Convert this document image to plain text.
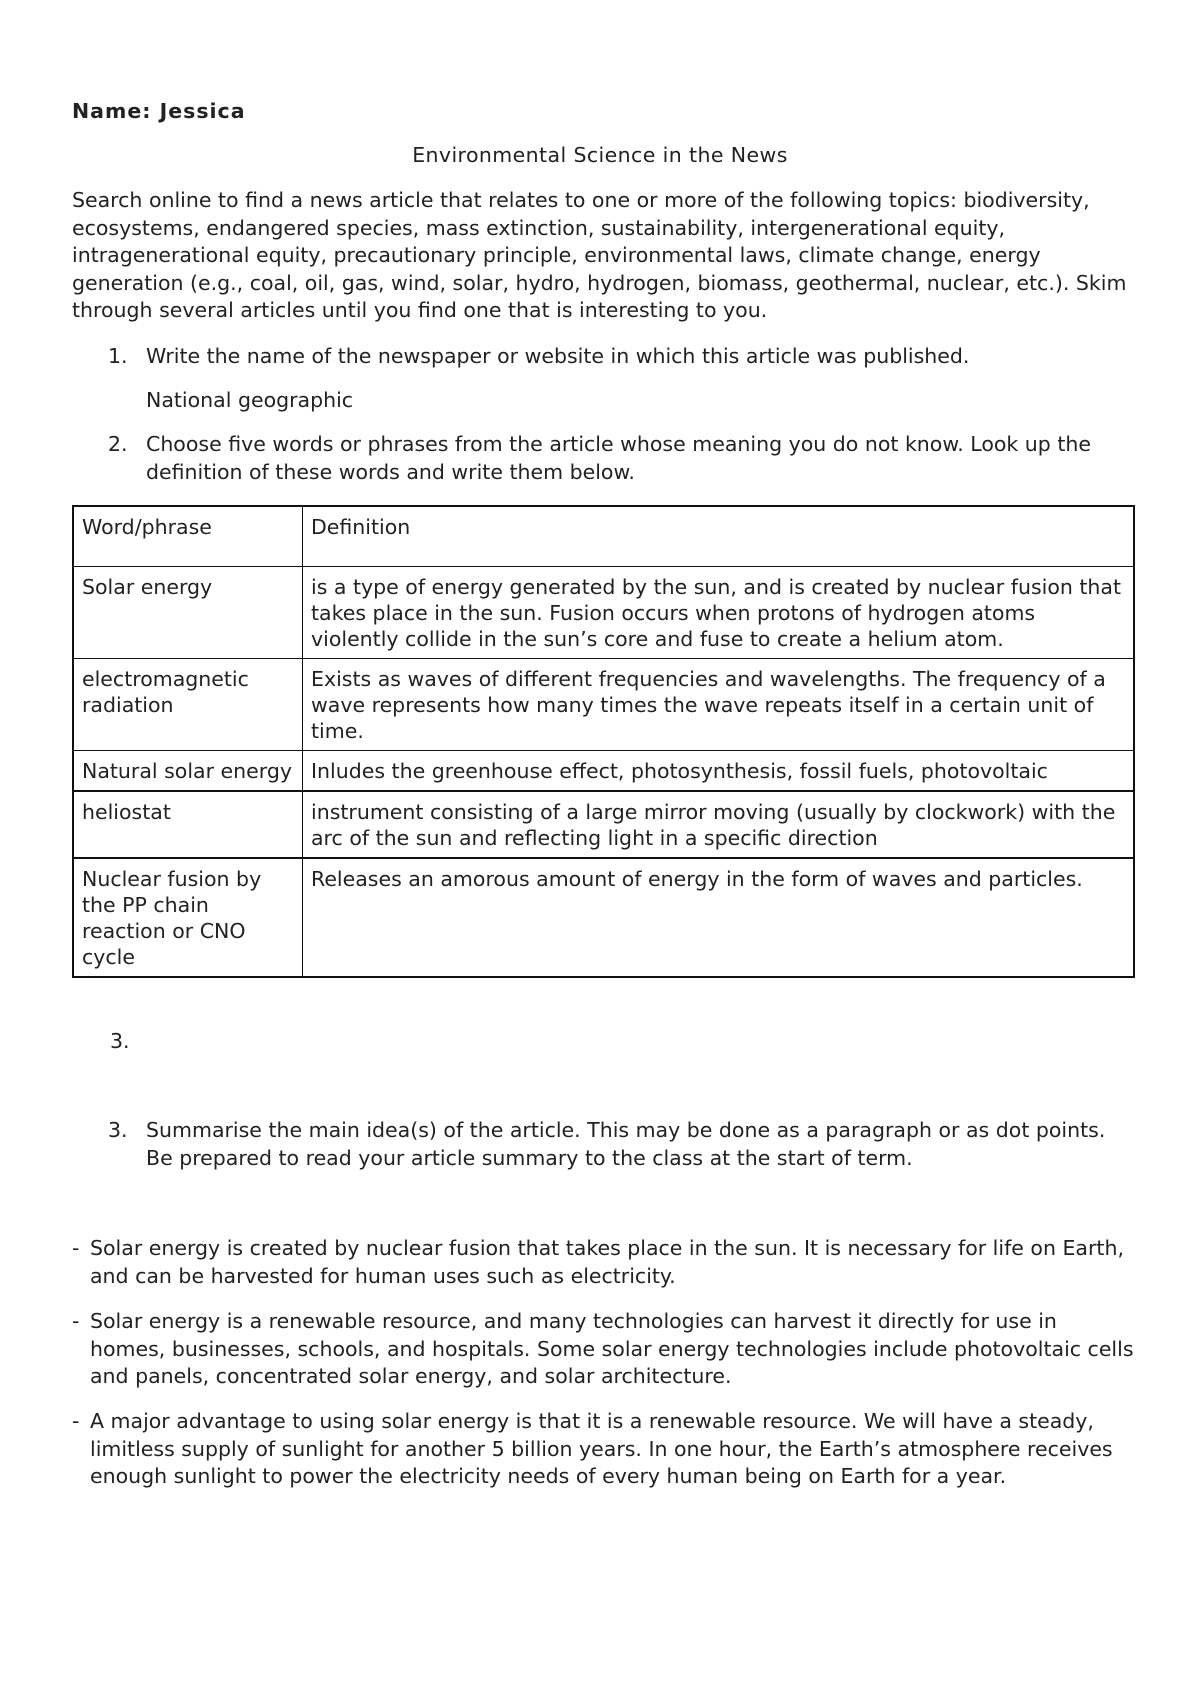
Name: Jessica
Environmental Science in the News

Search online to find a news article that relates to one or more of the following topics: biodiversity, ecosystems, endangered species, mass extinction, sustainability, intergenerational equity, intragenerational equity, precautionary principle, environmental laws, climate change, energy generation (e.g., coal, oil, gas, wind, solar, hydro, hydrogen, biomass, geothermal, nuclear, etc.). Skim through several articles until you find one that is interesting to you.

1. Write the name of the newspaper or website in which this article was published.

National geographic

2. Choose five words or phrases from the article whose meaning you do not know. Look up the definition of these words and write them below.
Word/phrase	Definition
Solar energy	is a type of energy generated by the sun, and is created by nuclear fusion that takes place in the sun. Fusion occurs when protons of hydrogen atoms violently collide in the sun’s core and fuse to create a helium atom.
electromagnetic radiation	Exists as waves of different frequencies and wavelengths. The frequency of a wave represents how many times the wave repeats itself in a certain unit of time.
Natural solar energy	Inludes the greenhouse effect, photosynthesis, fossil fuels, photovoltaic
heliostat	instrument consisting of a large mirror moving (usually by clockwork) with the arc of the sun and reflecting light in a specific direction
Nuclear fusion by the PP chain reaction or CNO cycle	Releases an amorous amount of energy in the form of waves and particles.
3.
3. Summarise the main idea(s) of the article. This may be done as a paragraph or as dot points. Be prepared to read your article summary to the class at the start of term.
- Solar energy is created by nuclear fusion that takes place in the sun. It is necessary for life on Earth, and can be harvested for human uses such as electricity.
- Solar energy is a renewable resource, and many technologies can harvest it directly for use in homes, businesses, schools, and hospitals. Some solar energy technologies include photovoltaic cells and panels, concentrated solar energy, and solar architecture.
- A major advantage to using solar energy is that it is a renewable resource. We will have a steady, limitless supply of sunlight for another 5 billion years. In one hour, the Earth’s atmosphere receives enough sunlight to power the electricity needs of every human being on Earth for a year.
